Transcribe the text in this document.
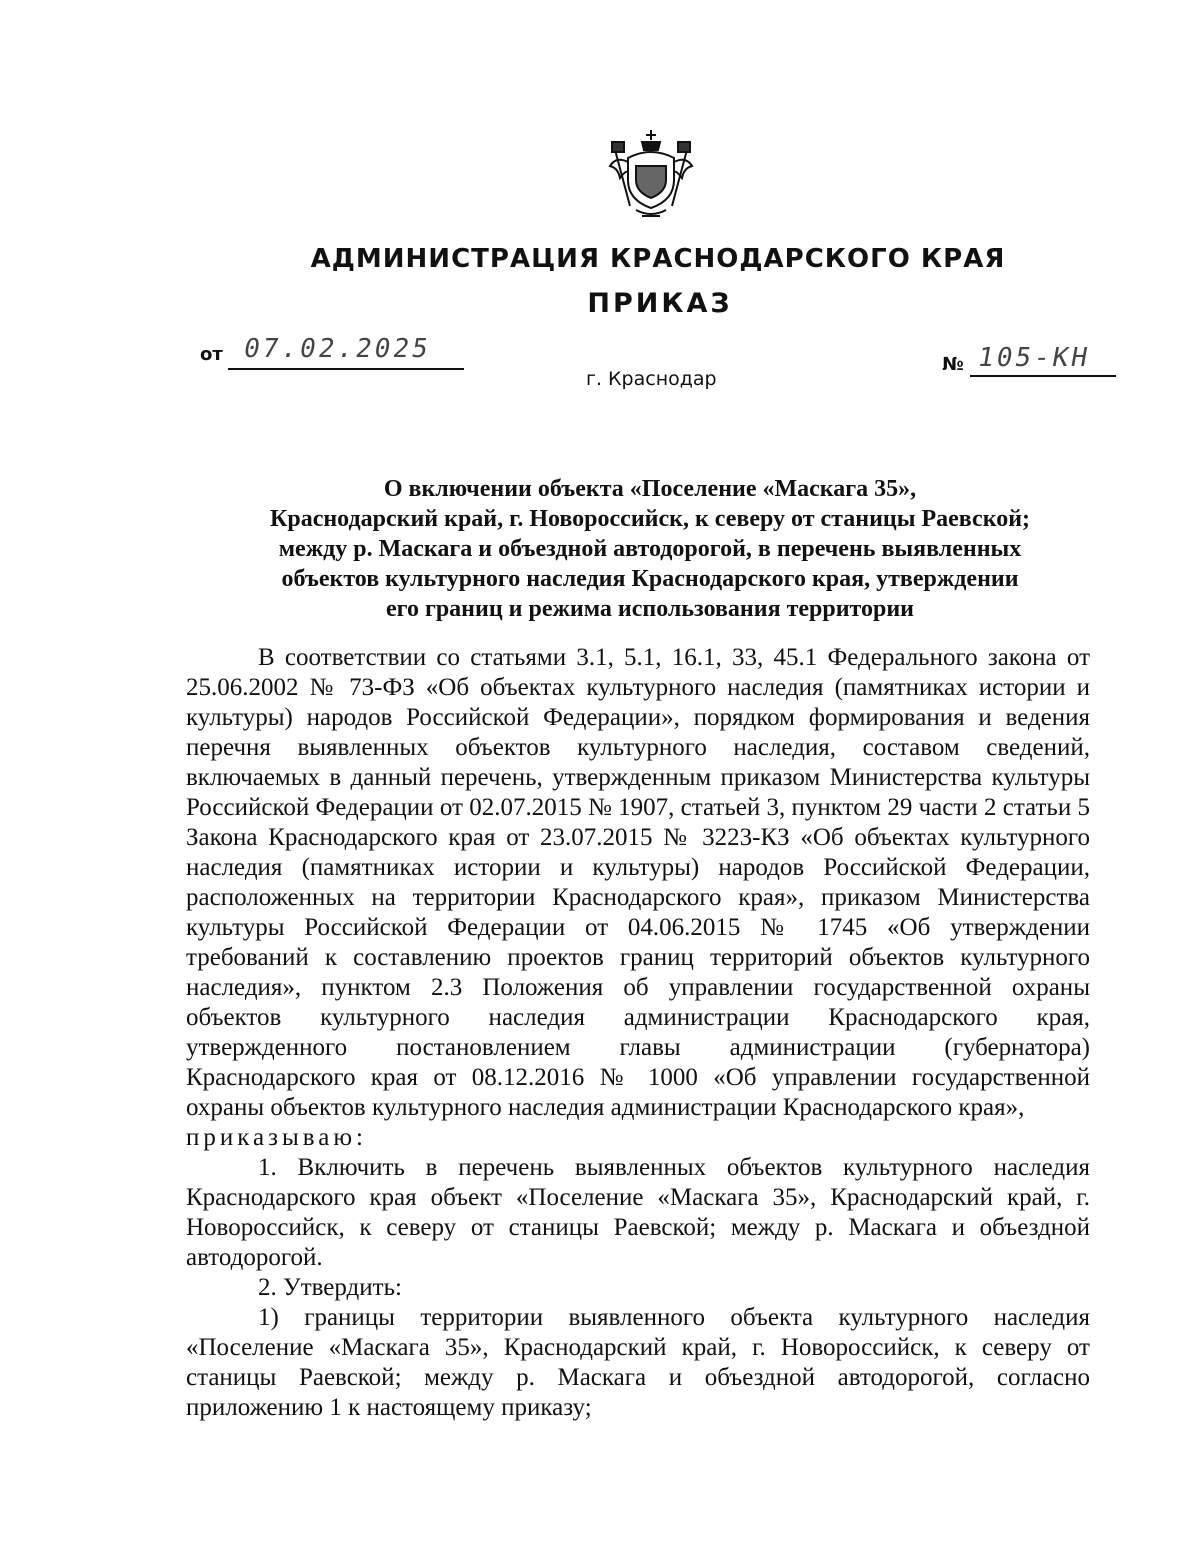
АДМИНИСТРАЦИЯ КРАСНОДАРСКОГО КРАЯ
ПРИКАЗ
от 07.02.2025
№ 105-КН
г. Краснодар
О включении объекта «Поселение «Маскага 35»,
Краснодарский край, г. Новороссийск, к северу от станицы Раевской;
между р. Маскага и объездной автодорогой, в перечень выявленных
объектов культурного наследия Краснодарского края, утверждении
его границ и режима использования территории

В соответствии со статьями 3.1, 5.1, 16.1, 33, 45.1 Федерального закона от 25.06.2002 № 73-ФЗ «Об объектах культурного наследия (памятниках истории и культуры) народов Российской Федерации», порядком формирования и ведения перечня выявленных объектов культурного наследия, составом сведений, включаемых в данный перечень, утвержденным приказом Министерства культуры Российской Федерации от 02.07.2015 № 1907, статьей 3, пунктом 29 части 2 статьи 5 Закона Краснодарского края от 23.07.2015 № 3223-КЗ «Об объектах культурного наследия (памятниках истории и культуры) народов Российской Федерации, расположенных на территории Краснодарского края», приказом Министерства культуры Российской Федерации от 04.06.2015 № 1745 «Об утверждении требований к составлению проектов границ территорий объектов культурного наследия», пунктом 2.3 Положения об управлении государственной охраны объектов культурного наследия администрации Краснодарского края, утвержденного постановлением главы администрации (губернатора) Краснодарского края от 08.12.2016 № 1000 «Об управлении государственной охраны объектов культурного наследия администрации Краснодарского края»,

приказываю:

1. Включить в перечень выявленных объектов культурного наследия Краснодарского края объект «Поселение «Маскага 35», Краснодарский край, г. Новороссийск, к северу от станицы Раевской; между р. Маскага и объездной автодорогой.

2. Утвердить:

1) границы территории выявленного объекта культурного наследия «Поселение «Маскага 35», Краснодарский край, г. Новороссийск, к северу от станицы Раевской; между р. Маскага и объездной автодорогой, согласно приложению 1 к настоящему приказу;
